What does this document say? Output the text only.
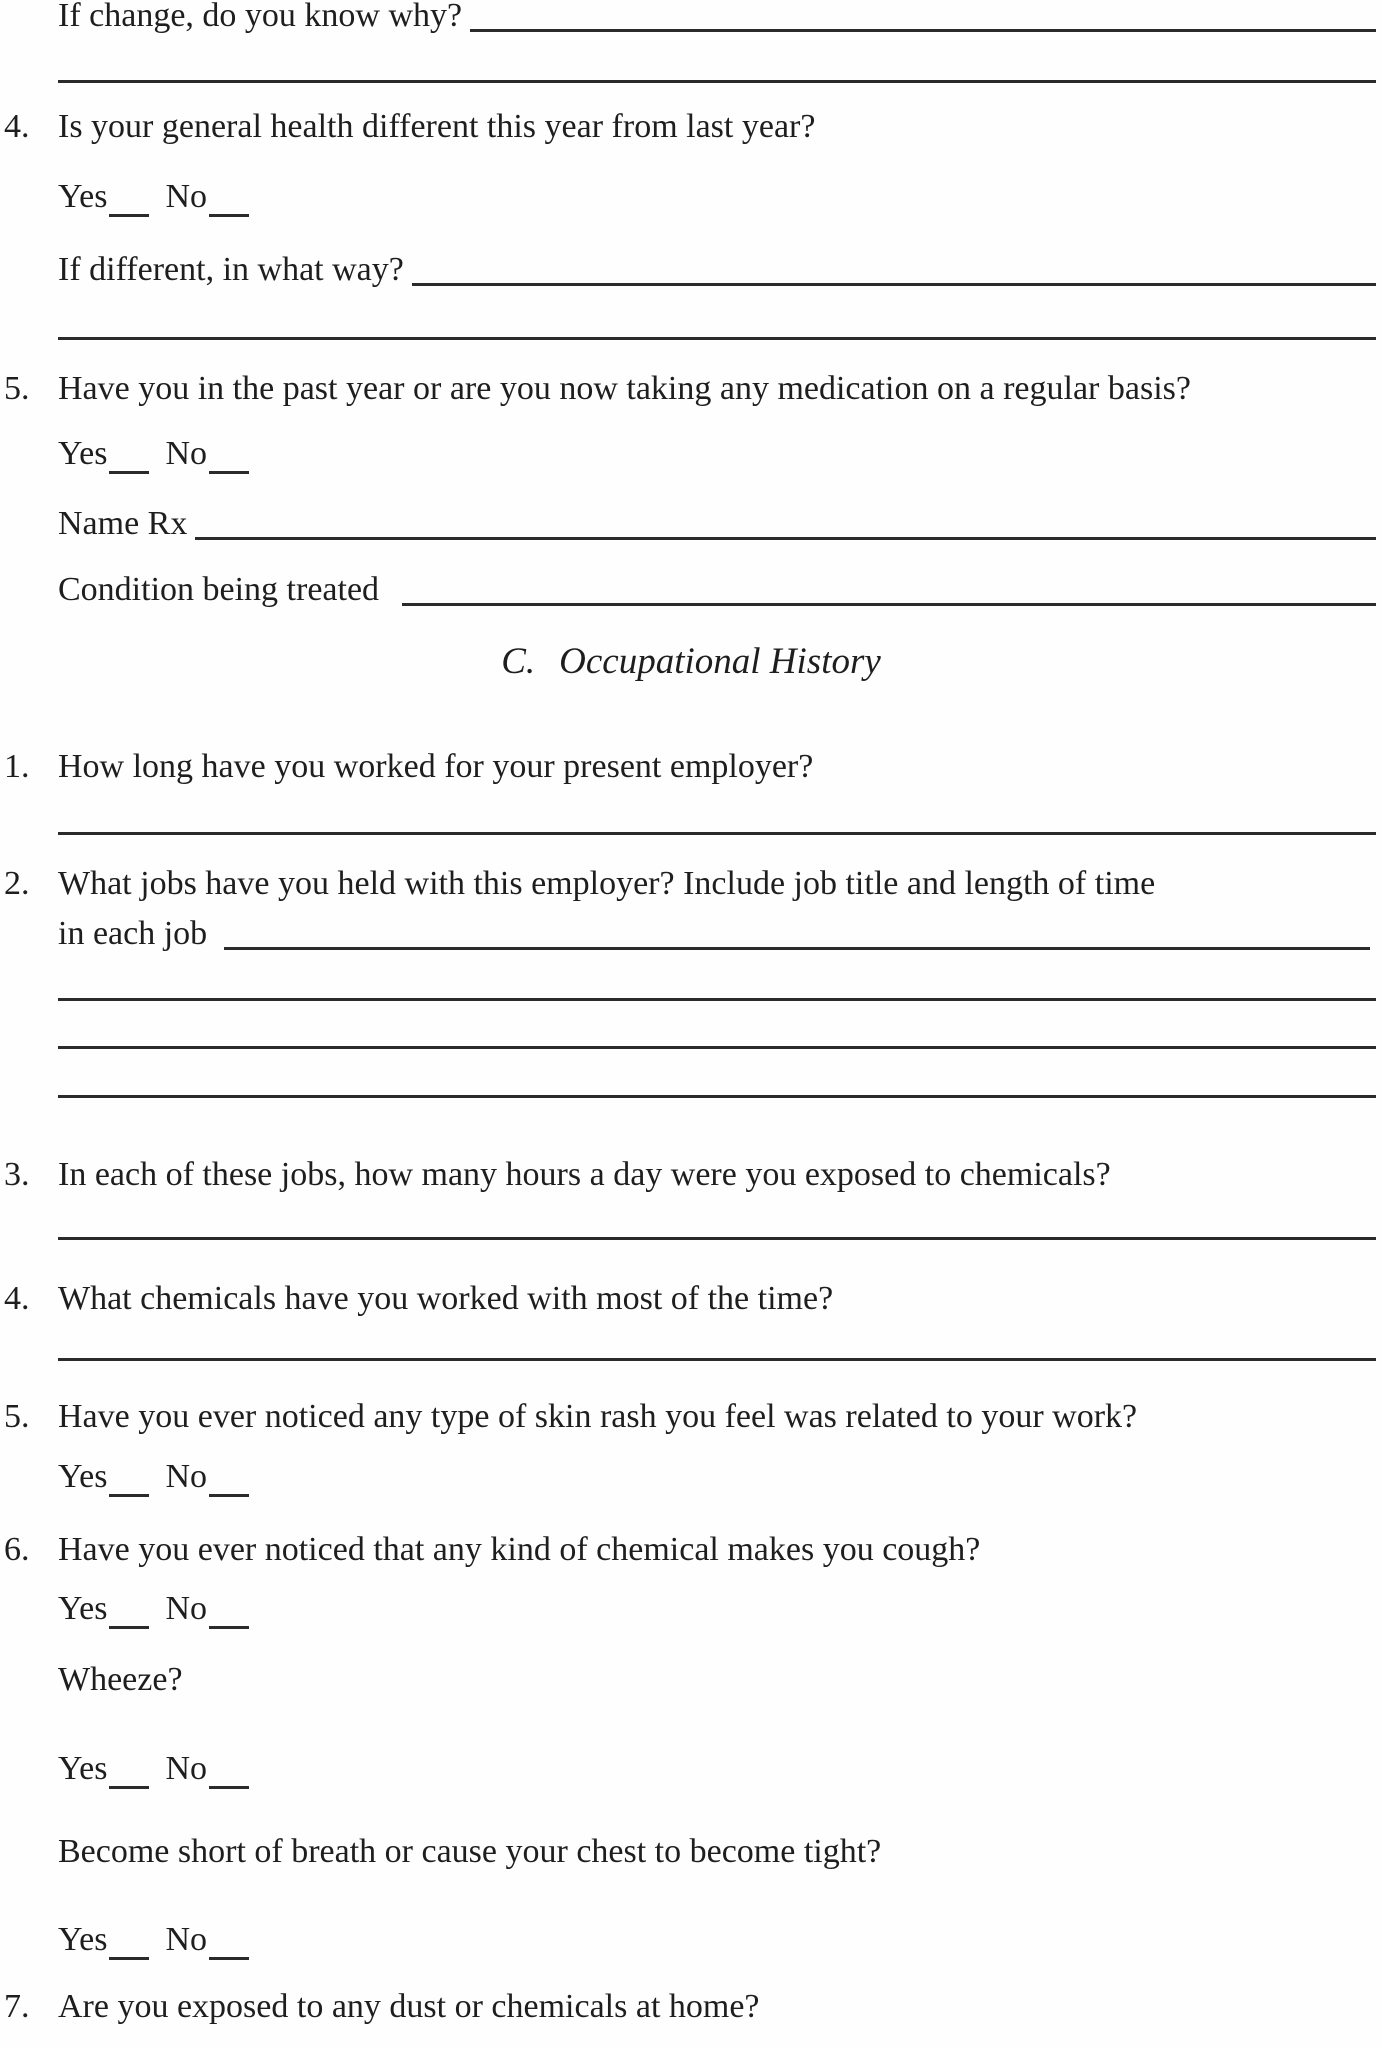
If change, do you know why?
4. Is your general health different this year from last year?
Yes No
If different, in what way?
5. Have you in the past year or are you now taking any medication on a regular basis?
Yes No
Name Rx
Condition being treated
C. Occupational History
1. How long have you worked for your present employer?
2. What jobs have you held with this employer? Include job title and length of time
in each job
3. In each of these jobs, how many hours a day were you exposed to chemicals?
4. What chemicals have you worked with most of the time?
5. Have you ever noticed any type of skin rash you feel was related to your work?
Yes No
6. Have you ever noticed that any kind of chemical makes you cough?
Yes No
Wheeze?
Yes No
Become short of breath or cause your chest to become tight?
Yes No
7. Are you exposed to any dust or chemicals at home?
